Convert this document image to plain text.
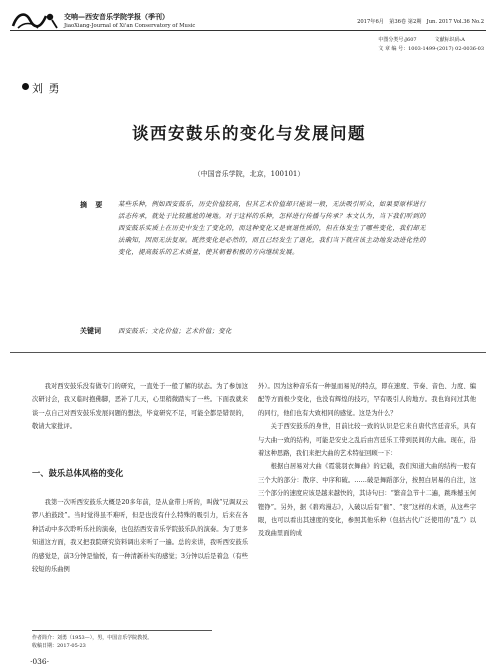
交响—西安音乐学院学报（季刊）
JiaoXiang-Journal of Xi'an Conservatory of Music
2017年6月　第36卷 第2期　Jun. 2017 Vol.36 No.2
中图分类号:J607	文献标识码:A
文 章 编 号：1003-1499-(2017) 02-0036-03
刘 勇
谈西安鼓乐的变化与发展问题
（中国音乐学院，北京，100101）
摘 要 某些乐种，例如西安鼓乐，历史价值较高，但其艺术价值却只能说一般，无法吸引听众，如果要原样进行活态传承，就处于比较尴尬的境地。对于这样的乐种，怎样进行传播与传承？本文认为，当下我们听到的西安鼓乐实质上在历史中发生了变化的，而这种变化又是衰退性质的，但在体发生了哪些变化，我们却无法确知，因而无法复原。既然变化是必然的，而且已经发生了退化，我们当下就应该主动地发动进化性的变化，提高鼓乐的艺术质量，使其朝着积极的方向继续发展。
关键词	西安鼓乐；文化价值；艺术价值；变化

我对西安鼓乐没有做专门的研究，一直处于一般了解的状态。为了参加这次研讨会，我又临时抱佛脚，恶补了几天，心里稍微踏实了一些。下面我就来谈一点自己对西安鼓乐发展问题的想法，毕竟研究不足，可能全都是错误的，敬请大家批评。

一、鼓乐总体风格的变化

我第一次听西安鼓乐大概是20多年前，是从盒带上听的，叫做“兄调双云锣八拍鼓段”。当时觉得虽不难听，但是也没有什么特殊的吸引力，后来在各种活动中多次聆听乐社的演奏，也包括西安音乐学院鼓乐队的演奏。为了更多知道这方面，我又把我院研究资料调出来听了一遍。总的来讲，我听西安鼓乐的感觉是，前3分钟是愉悦，有一种清新朴实的感觉；3分钟以后是着急（有些较短的乐曲例

外）。因为这种音乐有一种显而易见的特点，即在速度、节奏、音色、力度、编配等方面极少变化，也没有辉煌的技巧，罕有吸引人的地方。我也询问过其他的同行，他们也有大致相同的感觉。这是为什么？

关于西安鼓乐的身世，目前比较一致的认识是它来自唐代宫廷音乐，具有与大曲一致的结构，可能是安史之乱后由宫廷乐工带到民间的大曲。现在，沿着这种思路，我们来把大曲的艺术特征回顾一下：

根据白居易对大曲《霓裳羽衣舞曲》的记载，我们知道大曲的结构一般有三个大的部分：散序、中序和破。……破是舞蹈部分，按照白居易的自注，这三个部分的速度应该是越来越快的，其诗句曰：“繁音急节十二遍，跳珠撼玉何铿铮”。另外，据《碧鸡漫志》，入破以后有“催”、“衮”这样的术语，从这些字眼，也可以看出其速度的变化，参照其他乐种（包括古代广泛使用的“乱”）以及戏曲里面的成

作者简介：刘勇（1953—），男，中国音乐学院教授。
收稿日期：2017-05-23
·036·
